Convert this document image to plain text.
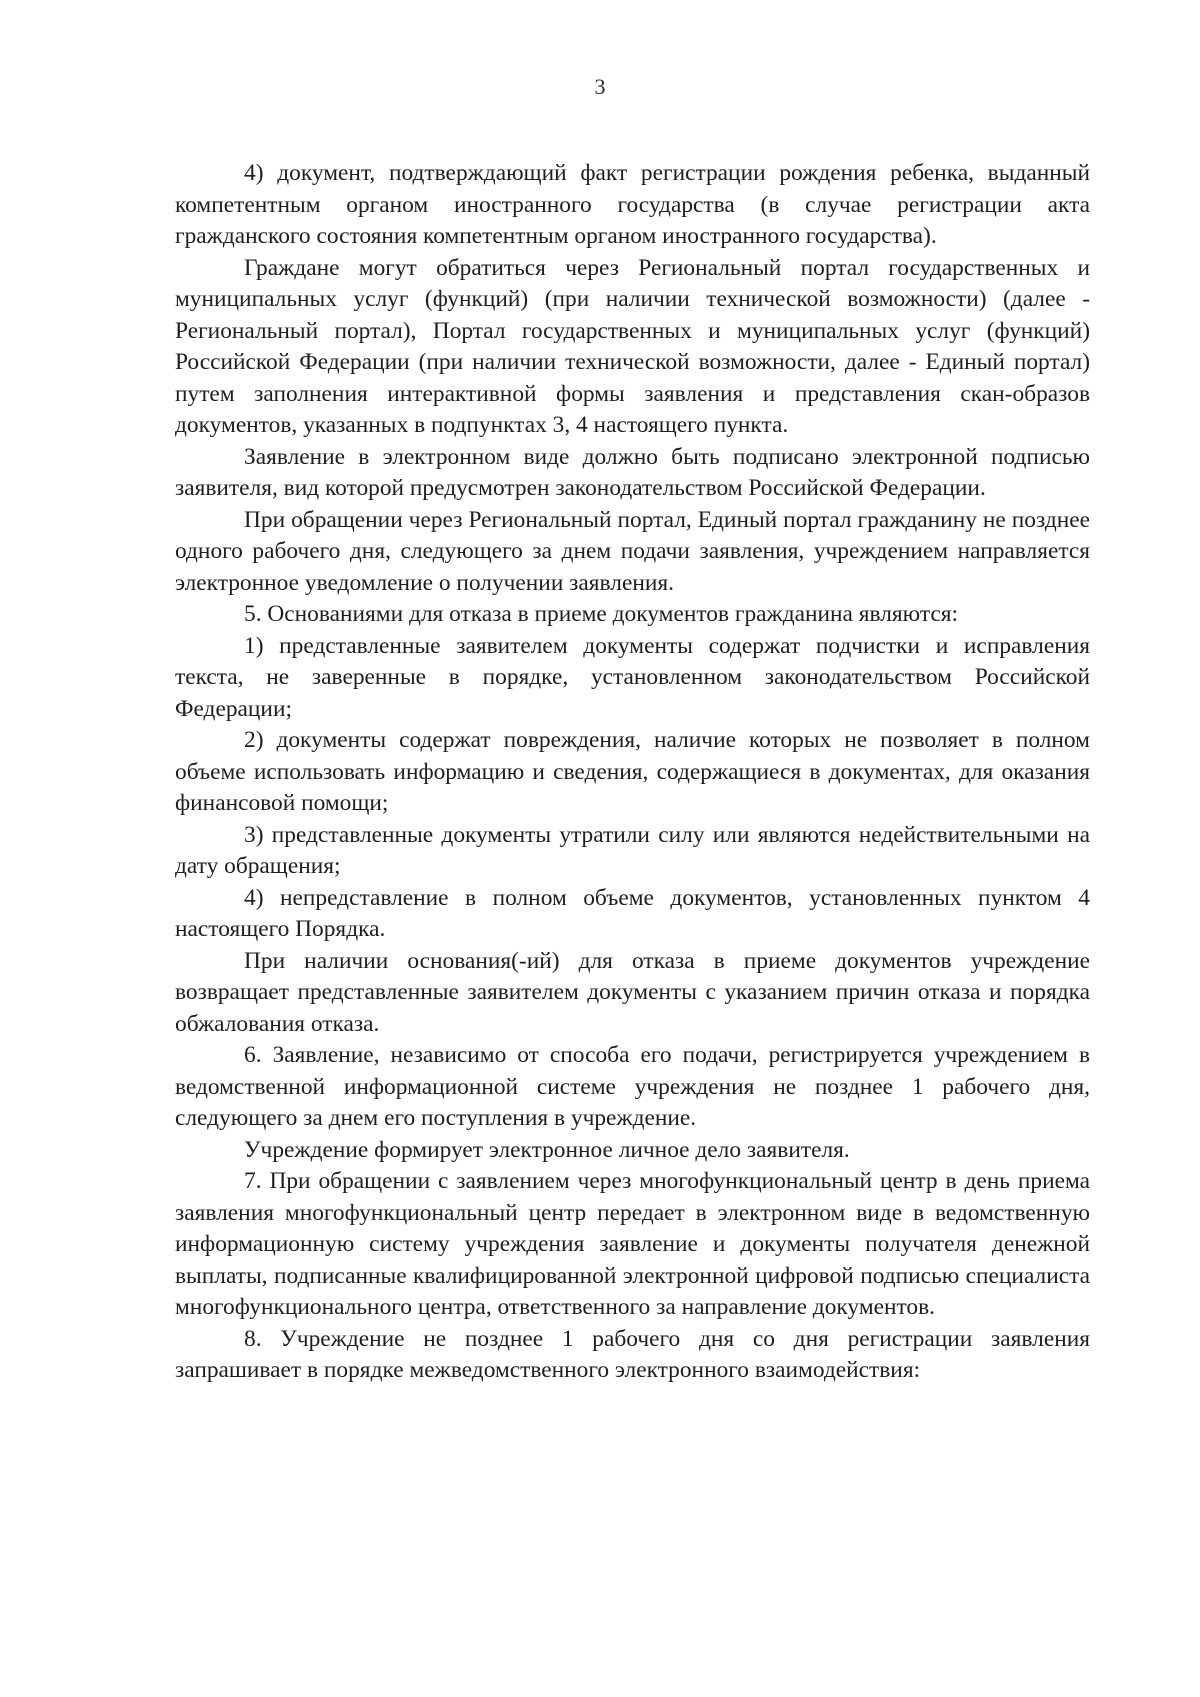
3

4) документ, подтверждающий факт регистрации рождения ребенка, выданный компетентным органом иностранного государства (в случае регистрации акта гражданского состояния компетентным органом иностранного государства).

Граждане могут обратиться через Региональный портал государственных и муниципальных услуг (функций) (при наличии технической возможности) (далее - Региональный портал), Портал государственных и муниципальных услуг (функций) Российской Федерации (при наличии технической возможности, далее - Единый портал) путем заполнения интерактивной формы заявления и представления скан-образов документов, указанных в подпунктах 3, 4 настоящего пункта.

Заявление в электронном виде должно быть подписано электронной подписью заявителя, вид которой предусмотрен законодательством Российской Федерации.

При обращении через Региональный портал, Единый портал гражданину не позднее одного рабочего дня, следующего за днем подачи заявления, учреждением направляется электронное уведомление о получении заявления.

5. Основаниями для отказа в приеме документов гражданина являются:

1) представленные заявителем документы содержат подчистки и исправления текста, не заверенные в порядке, установленном законодательством Российской Федерации;

2) документы содержат повреждения, наличие которых не позволяет в полном объеме использовать информацию и сведения, содержащиеся в документах, для оказания финансовой помощи;

3) представленные документы утратили силу или являются недействительными на дату обращения;

4) непредставление в полном объеме документов, установленных пунктом 4 настоящего Порядка.

При наличии основания(-ий) для отказа в приеме документов учреждение возвращает представленные заявителем документы с указанием причин отказа и порядка обжалования отказа.

6. Заявление, независимо от способа его подачи, регистрируется учреждением в ведомственной информационной системе учреждения не позднее 1 рабочего дня, следующего за днем его поступления в учреждение.

Учреждение формирует электронное личное дело заявителя.

7. При обращении с заявлением через многофункциональный центр в день приема заявления многофункциональный центр передает в электронном виде в ведомственную информационную систему учреждения заявление и документы получателя денежной выплаты, подписанные квалифицированной электронной цифровой подписью специалиста многофункционального центра, ответственного за направление документов.

8. Учреждение не позднее 1 рабочего дня со дня регистрации заявления запрашивает в порядке межведомственного электронного взаимодействия:
